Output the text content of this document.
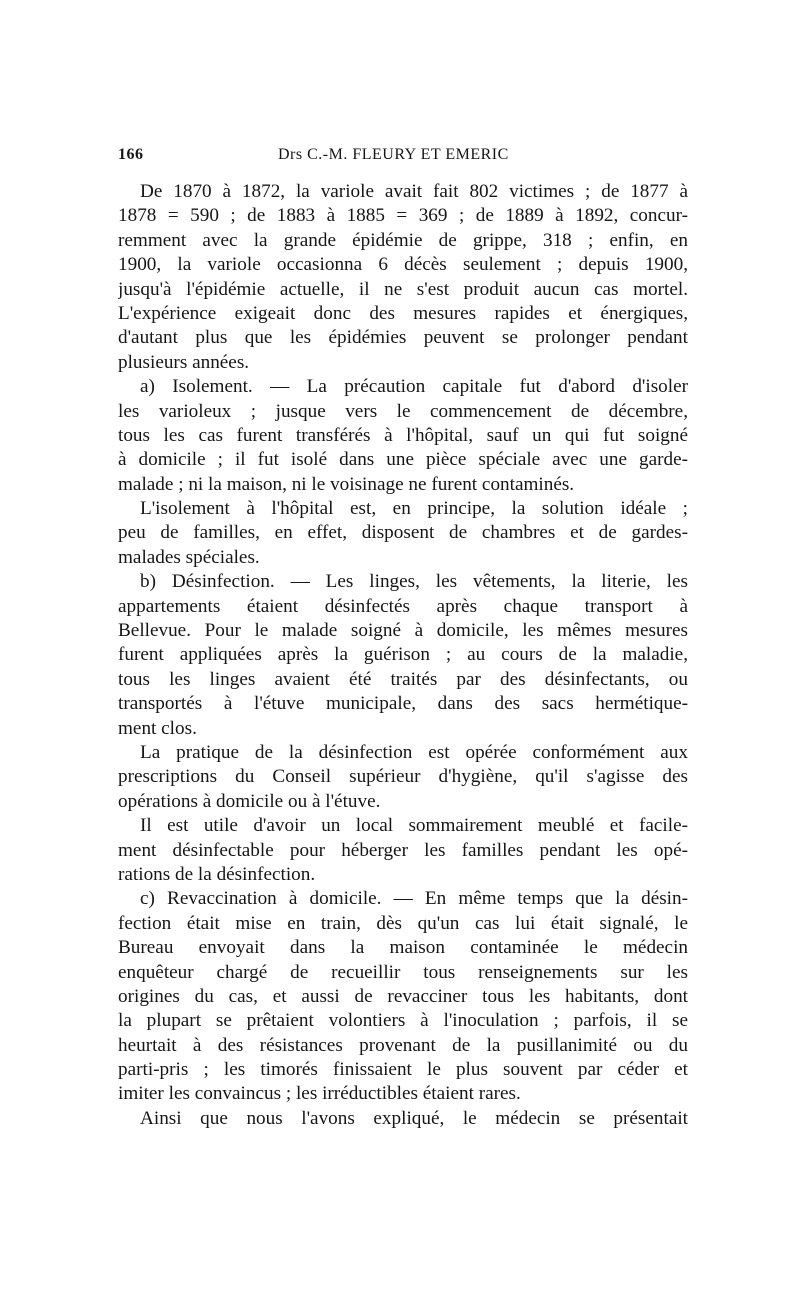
166	Drs C.-M. FLEURY ET EMERIC
De 1870 à 1872, la variole avait fait 802 victimes ; de 1877 à
1878 = 590 ; de 1883 à 1885 = 369 ; de 1889 à 1892, concur-
remment avec la grande épidémie de grippe, 318 ; enfin, en
1900, la variole occasionna 6 décès seulement ; depuis 1900,
jusqu'à l'épidémie actuelle, il ne s'est produit aucun cas mortel.
L'expérience exigeait donc des mesures rapides et énergiques,
d'autant plus que les épidémies peuvent se prolonger pendant
plusieurs années.
a) Isolement. — La précaution capitale fut d'abord d'isoler
les varioleux ; jusque vers le commencement de décembre,
tous les cas furent transférés à l'hôpital, sauf un qui fut soigné
à domicile ; il fut isolé dans une pièce spéciale avec une garde-
malade ; ni la maison, ni le voisinage ne furent contaminés.
L'isolement à l'hôpital est, en principe, la solution idéale ;
peu de familles, en effet, disposent de chambres et de gardes-
malades spéciales.
b) Désinfection. — Les linges, les vêtements, la literie, les
appartements étaient désinfectés après chaque transport à
Bellevue. Pour le malade soigné à domicile, les mêmes mesures
furent appliquées après la guérison ; au cours de la maladie,
tous les linges avaient été traités par des désinfectants, ou
transportés à l'étuve municipale, dans des sacs hermétique-
ment clos.
La pratique de la désinfection est opérée conformément aux
prescriptions du Conseil supérieur d'hygiène, qu'il s'agisse des
opérations à domicile ou à l'étuve.
Il est utile d'avoir un local sommairement meublé et facile-
ment désinfectable pour héberger les familles pendant les opé-
rations de la désinfection.
c) Revaccination à domicile. — En même temps que la désin-
fection était mise en train, dès qu'un cas lui était signalé, le
Bureau envoyait dans la maison contaminée le médecin
enquêteur chargé de recueillir tous renseignements sur les
origines du cas, et aussi de revacciner tous les habitants, dont
la plupart se prêtaient volontiers à l'inoculation ; parfois, il se
heurtait à des résistances provenant de la pusillanimité ou du
parti-pris ; les timorés finissaient le plus souvent par céder et
imiter les convaincus ; les irréductibles étaient rares.
Ainsi que nous l'avons expliqué, le médecin se présentait
